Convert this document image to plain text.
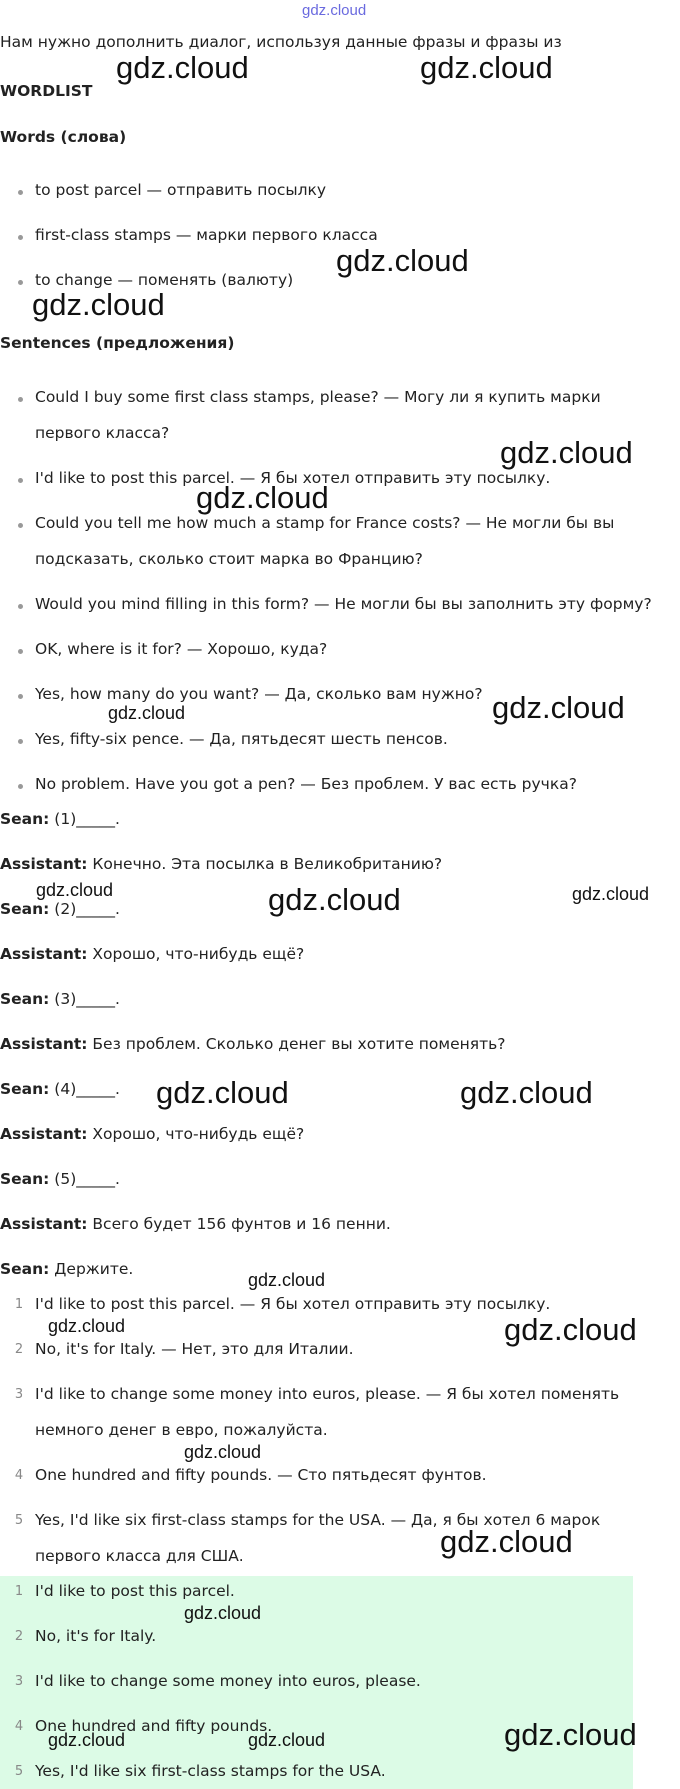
gdz.cloud
Нам нужно дополнить диалог, используя данные фразы и фразы из
WORDLIST
Words (слова)
to post parcel — отправить посылку
first-class stamps — марки первого класса
to change — поменять (валюту)
Sentences (предложения)
Could I buy some first class stamps, please? — Могу ли я купить марки
первого класса?
I'd like to post this parcel. — Я бы хотел отправить эту посылку.
Could you tell me how much a stamp for France costs? — Не могли бы вы
подсказать, сколько стоит марка во Францию?
Would you mind filling in this form? — Не могли бы вы заполнить эту форму?
OK, where is it for? — Хорошо, куда?
Yes, how many do you want? — Да, сколько вам нужно?
Yes, fifty-six pence. — Да, пятьдесят шесть пенсов.
No problem. Have you got a pen? — Без проблем. У вас есть ручка?
Sean: (1)_____.
Assistant: Конечно. Эта посылка в Великобританию?
Sean: (2)_____.
Assistant: Хорошо, что-нибудь ещё?
Sean: (3)_____.
Assistant: Без проблем. Сколько денег вы хотите поменять?
Sean: (4)_____.
Assistant: Хорошо, что-нибудь ещё?
Sean: (5)_____.
Assistant: Всего будет 156 фунтов и 16 пенни.
Sean: Держите.
1 I'd like to post this parcel. — Я бы хотел отправить эту посылку.
2 No, it's for Italy. — Нет, это для Италии.
3 I'd like to change some money into euros, please. — Я бы хотел поменять
немного денег в евро, пожалуйста.
4 One hundred and fifty pounds. — Сто пятьдесят фунтов.
5 Yes, I'd like six first-class stamps for the USA. — Да, я бы хотел 6 марок
первого класса для США.
1 I'd like to post this parcel.
2 No, it's for Italy.
3 I'd like to change some money into euros, please.
4 One hundred and fifty pounds.
5 Yes, I'd like six first-class stamps for the USA.
gdz.cloud	gdz.cloud
gdz.cloud
gdz.cloud
gdz.cloud
gdz.cloud
gdz.cloud	gdz.cloud
gdz.cloud	gdz.cloud	gdz.cloud
gdz.cloud	gdz.cloud
gdz.cloud
gdz.cloud	gdz.cloud
gdz.cloud
gdz.cloud
gdz.cloud
gdz.cloud
gdz.cloud	gdz.cloud
